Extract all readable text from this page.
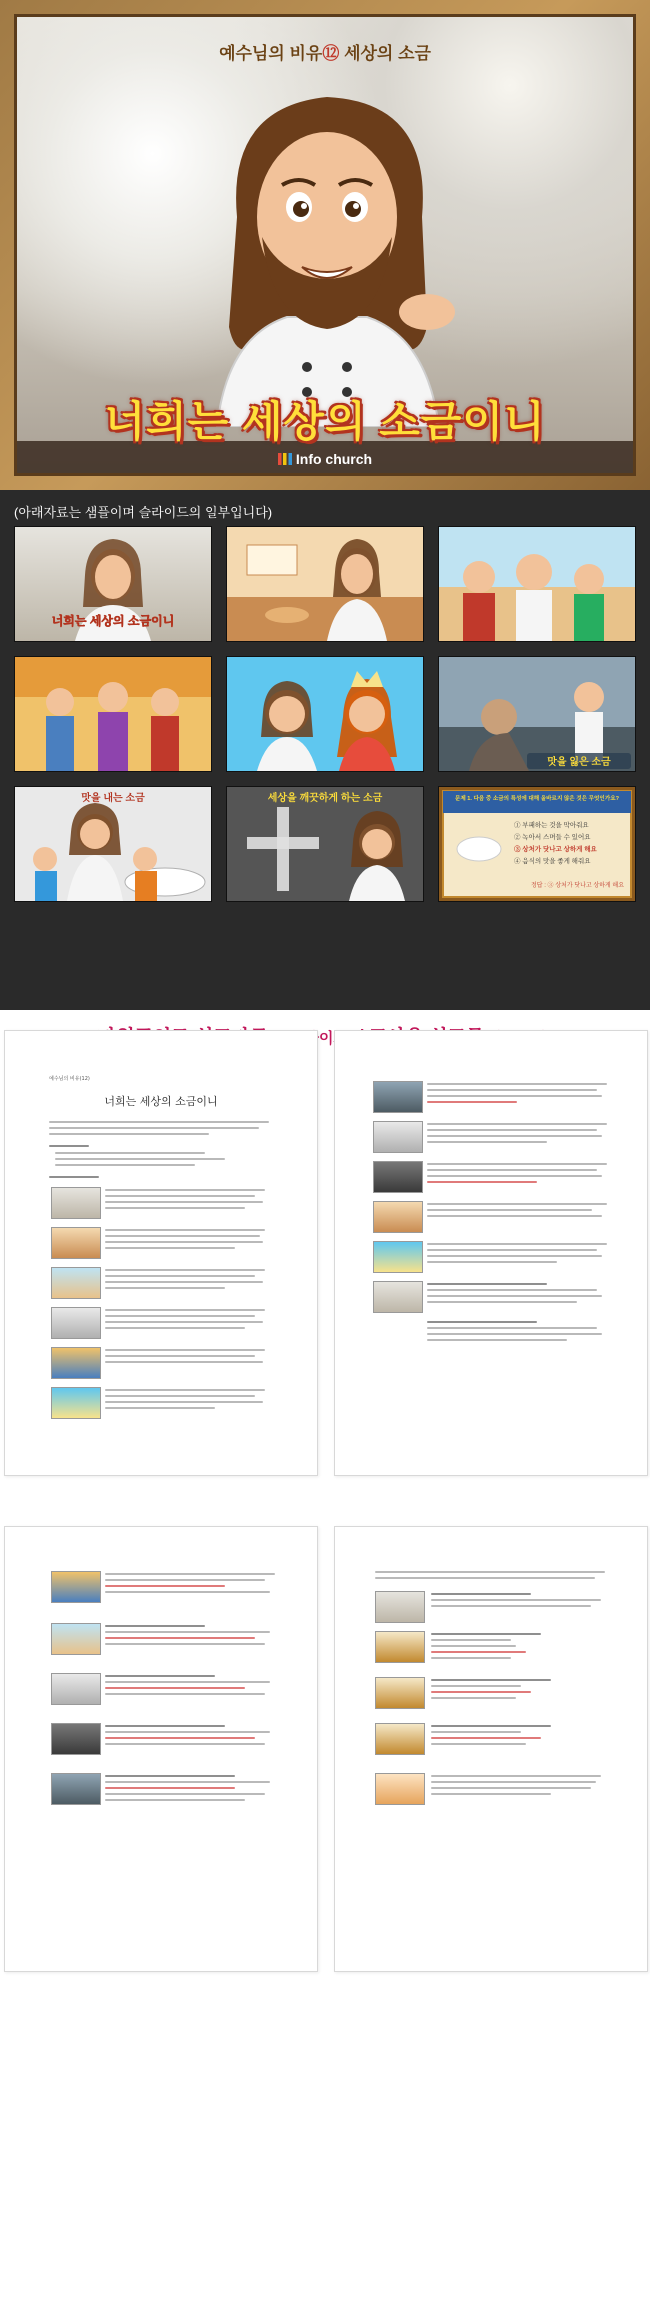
예수님의 비유⑫ 세상의 소금
너희는 세상의 소금이니
Info church
(아래자료는 샘플이며 슬라이드의 일부입니다)
너희는 세상의 소금이니
맛을 잃은 소금
맛을 내는 소금	세상을 깨끗하게 하는 소금	문제 1. 다음 중 소금의 특성에 대해 올바르지 않은 것은 무엇인가요?
① 부패하는 것을 막아줘요
② 녹아서 스며들 수 있어요
③ 상처가 닷나고 상하게 해요
④ 음식의 맛을 좋게 해줘요
정답 : ③ 상처가 닷나고 상하게 해요
예수님의 비유(12)
너희는 세상의 소금이니
